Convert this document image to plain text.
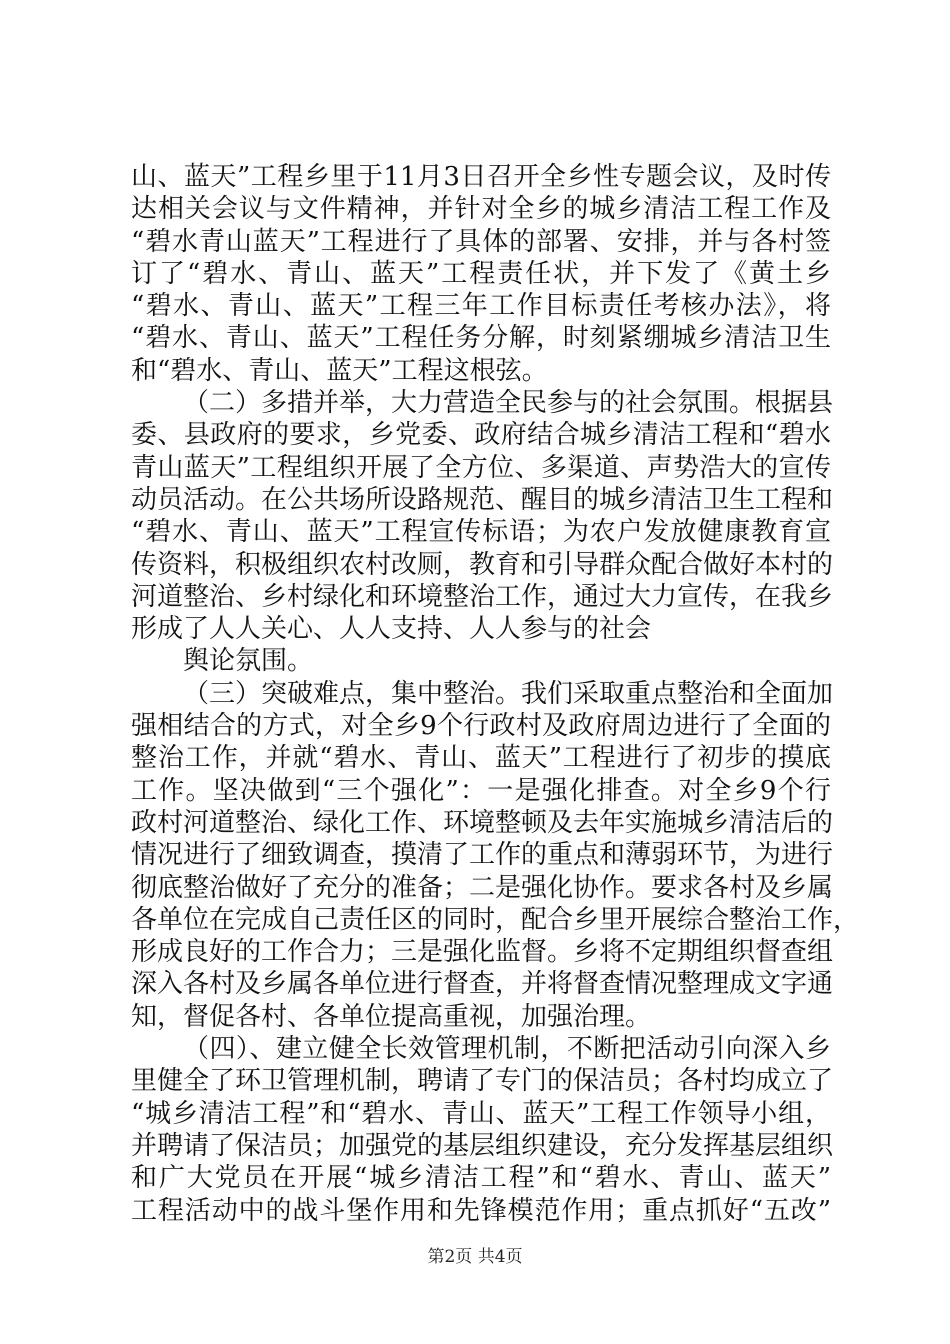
山、蓝天”工程乡里于11月3日召开全乡性专题会议，及时传
达相关会议与文件精神，并针对全乡的城乡清洁工程工作及
“碧水青山蓝天”工程进行了具体的部署、安排，并与各村签
订了“碧水、青山、蓝天”工程责任状，并下发了《黄土乡
“碧水、青山、蓝天”工程三年工作目标责任考核办法》，将
“碧水、青山、蓝天”工程任务分解，时刻紧绷城乡清洁卫生
和“碧水、青山、蓝天”工程这根弦。
（二）多措并举，大力营造全民参与的社会氛围。根据县
委、县政府的要求，乡党委、政府结合城乡清洁工程和“碧水
青山蓝天”工程组织开展了全方位、多渠道、声势浩大的宣传
动员活动。在公共场所设路规范、醒目的城乡清洁卫生工程和
“碧水、青山、蓝天”工程宣传标语；为农户发放健康教育宣
传资料，积极组织农村改厕，教育和引导群众配合做好本村的
河道整治、乡村绿化和环境整治工作，通过大力宣传，在我乡
形成了人人关心、人人支持、人人参与的社会
舆论氛围。
（三）突破难点，集中整治。我们采取重点整治和全面加
强相结合的方式，对全乡9个行政村及政府周边进行了全面的
整治工作，并就“碧水、青山、蓝天”工程进行了初步的摸底
工作。坚决做到“三个强化”：一是强化排查。对全乡9个行
政村河道整治、绿化工作、环境整顿及去年实施城乡清洁后的
情况进行了细致调查，摸清了工作的重点和薄弱环节，为进行
彻底整治做好了充分的准备；二是强化协作。要求各村及乡属
各单位在完成自己责任区的同时，配合乡里开展综合整治工作，
形成良好的工作合力；三是强化监督。乡将不定期组织督查组
深入各村及乡属各单位进行督查，并将督查情况整理成文字通
知，督促各村、各单位提高重视，加强治理。
（四）、建立健全长效管理机制，不断把活动引向深入乡
里健全了环卫管理机制，聘请了专门的保洁员；各村均成立了
“城乡清洁工程”和“碧水、青山、蓝天”工程工作领导小组，
并聘请了保洁员；加强党的基层组织建设，充分发挥基层组织
和广大党员在开展“城乡清洁工程”和“碧水、青山、蓝天”
工程活动中的战斗堡作用和先锋模范作用；重点抓好“五改”
第2页 共4页
